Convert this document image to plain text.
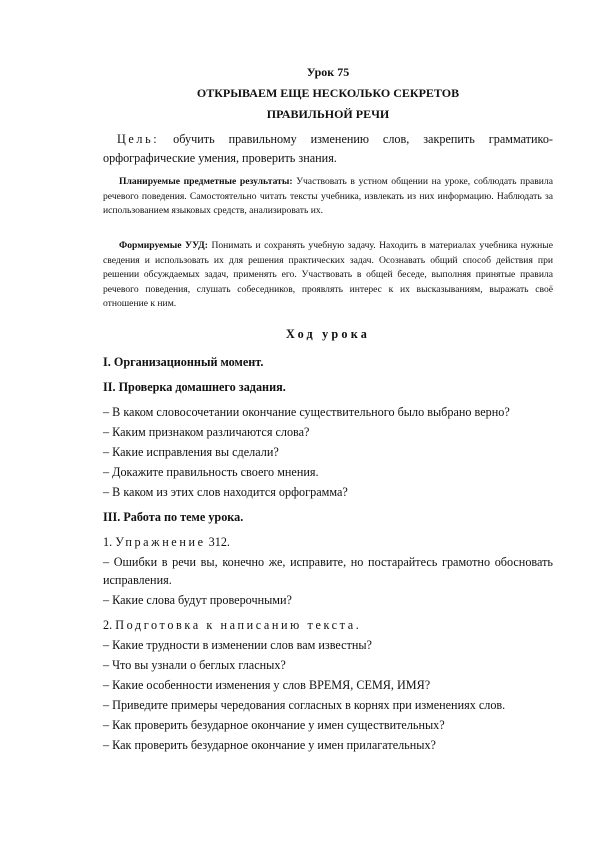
Урок 75
ОТКРЫВАЕМ ЕЩЕ НЕСКОЛЬКО СЕКРЕТОВ
ПРАВИЛЬНОЙ РЕЧИ

Цель: обучить правильному изменению слов, закрепить грамматико-орфографические умения, проверить знания.

Планируемые предметные результаты: Участвовать в устном общении на уроке, соблюдать правила речевого поведения. Самостоятельно читать тексты учебника, извлекать из них информацию. Наблюдать за использованием языковых средств, анализировать их.

Формируемые УУД: Понимать и сохранять учебную задачу. Находить в материалах учебника нужные сведения и использовать их для решения практических задач. Осознавать общий способ действия при решении обсуждаемых задач, применять его. Участвовать в общей беседе, выполняя принятые правила речевого поведения, слушать собеседников, проявлять интерес к их высказываниям, выражать своё отношение к ним.

Ход урока

I. Организационный момент.

II. Проверка домашнего задания.

– В каком словосочетании окончание существительного было выбрано верно?

– Каким признаком различаются слова?

– Какие исправления вы сделали?

– Докажите правильность своего мнения.

– В каком из этих слов находится орфограмма?

III. Работа по теме урока.

1. Упражнение 312.

– Ошибки в речи вы, конечно же, исправите, но постарайтесь грамотно обосновать исправления.

– Какие слова будут проверочными?

2. Подготовка к написанию текста.

– Какие трудности в изменении слов вам известны?

– Что вы узнали о беглых гласных?

– Какие особенности изменения у слов ВРЕМЯ, СЕМЯ, ИМЯ?

– Приведите примеры чередования согласных в корнях при изменениях слов.

– Как проверить безударное окончание у имен существительных?

– Как проверить безударное окончание у имен прилагательных?
